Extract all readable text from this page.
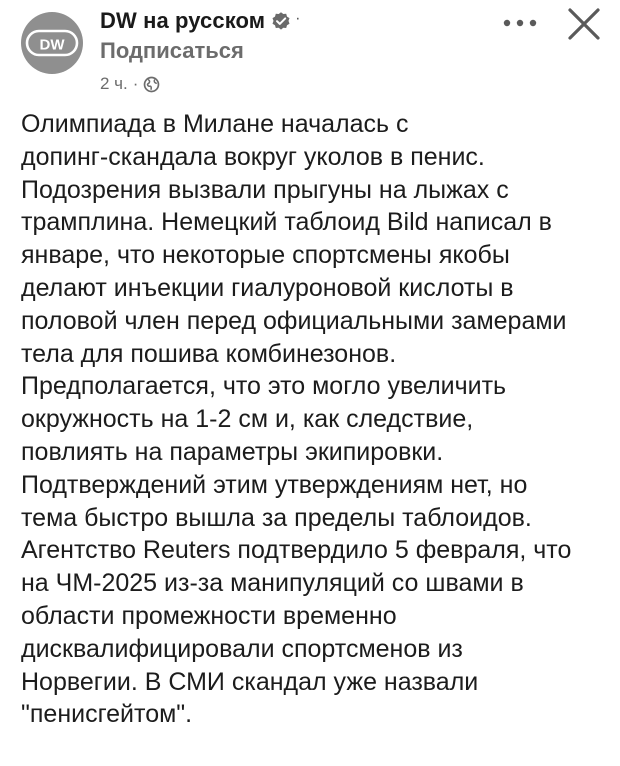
DW
DW на русском ·
Подписаться
2 ч. ·
Олимпиада в Милане началась с
допинг-скандала вокруг уколов в пенис.
Подозрения вызвали прыгуны на лыжах с
трамплина. Немецкий таблоид Bild написал в
январе, что некоторые спортсмены якобы
делают инъекции гиалуроновой кислоты в
половой член перед официальными замерами
тела для пошива комбинезонов.
Предполагается, что это могло увеличить
окружность на 1-2 см и, как следствие,
повлиять на параметры экипировки.
Подтверждений этим утверждениям нет, но
тема быстро вышла за пределы таблоидов.
Агентство Reuters подтвердило 5 февраля, что
на ЧМ-2025 из-за манипуляций со швами в
области промежности временно
дисквалифицировали спортсменов из
Норвегии. В СМИ скандал уже назвали
"пенисгейтом".
